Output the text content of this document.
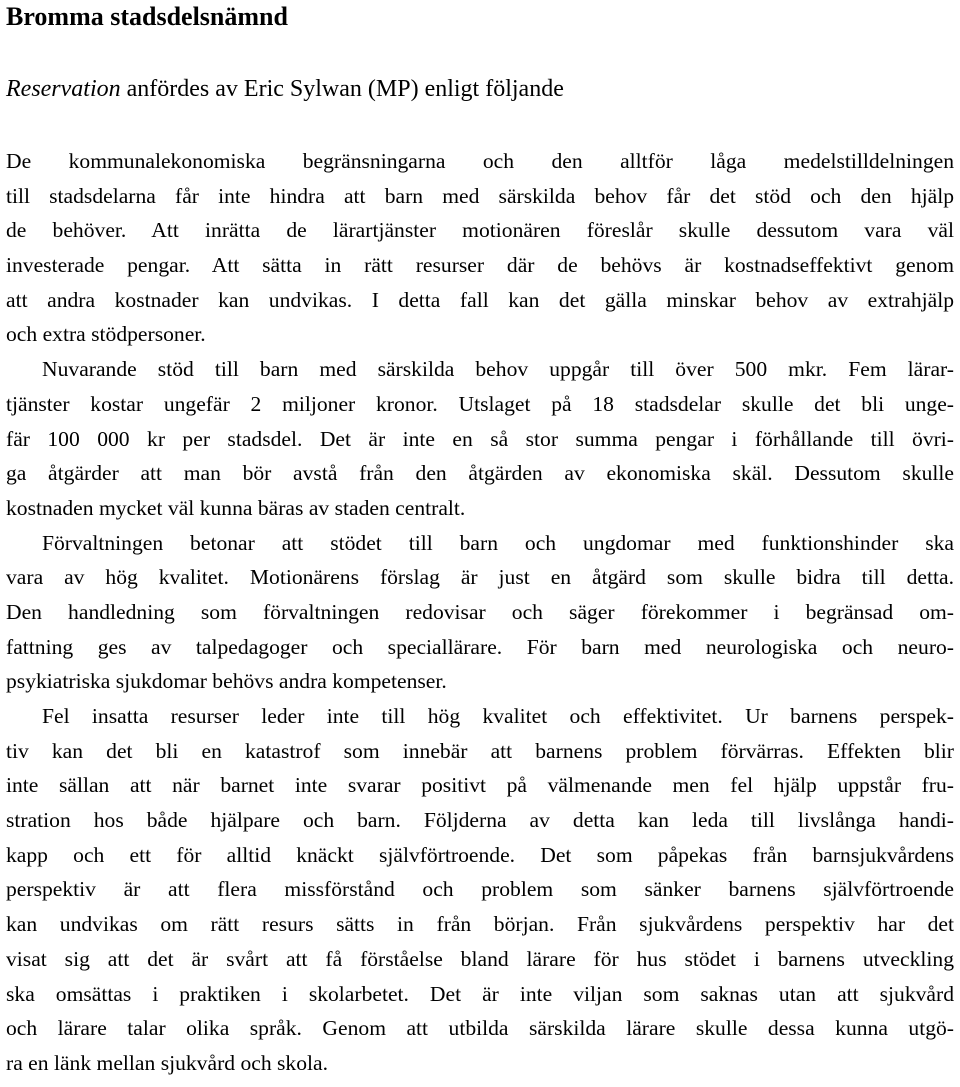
Bromma stadsdelsnämnd

Reservation anfördes av Eric Sylwan (MP) enligt följande

De kommunalekonomiska begränsningarna och den alltför låga medelstilldelningen
till stadsdelarna får inte hindra att barn med särskilda behov får det stöd och den hjälp
de behöver. Att inrätta de lärartjänster motionären föreslår skulle dessutom vara väl
investerade pengar. Att sätta in rätt resurser där de behövs är kostnadseffektivt genom
att andra kostnader kan undvikas. I detta fall kan det gälla minskar behov av extrahjälp
och extra stödpersoner.
Nuvarande stöd till barn med särskilda behov uppgår till över 500 mkr. Fem lärar-
tjänster kostar ungefär 2 miljoner kronor. Utslaget på 18 stadsdelar skulle det bli unge-
fär 100 000 kr per stadsdel. Det är inte en så stor summa pengar i förhållande till övri-
ga åtgärder att man bör avstå från den åtgärden av ekonomiska skäl. Dessutom skulle
kostnaden mycket väl kunna bäras av staden centralt.
Förvaltningen betonar att stödet till barn och ungdomar med funktionshinder ska
vara av hög kvalitet. Motionärens förslag är just en åtgärd som skulle bidra till detta.
Den handledning som förvaltningen redovisar och säger förekommer i begränsad om-
fattning ges av talpedagoger och speciallärare. För barn med neurologiska och neuro-
psykiatriska sjukdomar behövs andra kompetenser.
Fel insatta resurser leder inte till hög kvalitet och effektivitet. Ur barnens perspek-
tiv kan det bli en katastrof som innebär att barnens problem förvärras. Effekten blir
inte sällan att när barnet inte svarar positivt på välmenande men fel hjälp uppstår fru-
stration hos både hjälpare och barn. Följderna av detta kan leda till livslånga handi-
kapp och ett för alltid knäckt självförtroende. Det som påpekas från barnsjukvårdens
perspektiv är att flera missförstånd och problem som sänker barnens självförtroende
kan undvikas om rätt resurs sätts in från början. Från sjukvårdens perspektiv har det
visat sig att det är svårt att få förståelse bland lärare för hus stödet i barnens utveckling
ska omsättas i praktiken i skolarbetet. Det är inte viljan som saknas utan att sjukvård
och lärare talar olika språk. Genom att utbilda särskilda lärare skulle dessa kunna utgö-
ra en länk mellan sjukvård och skola.
